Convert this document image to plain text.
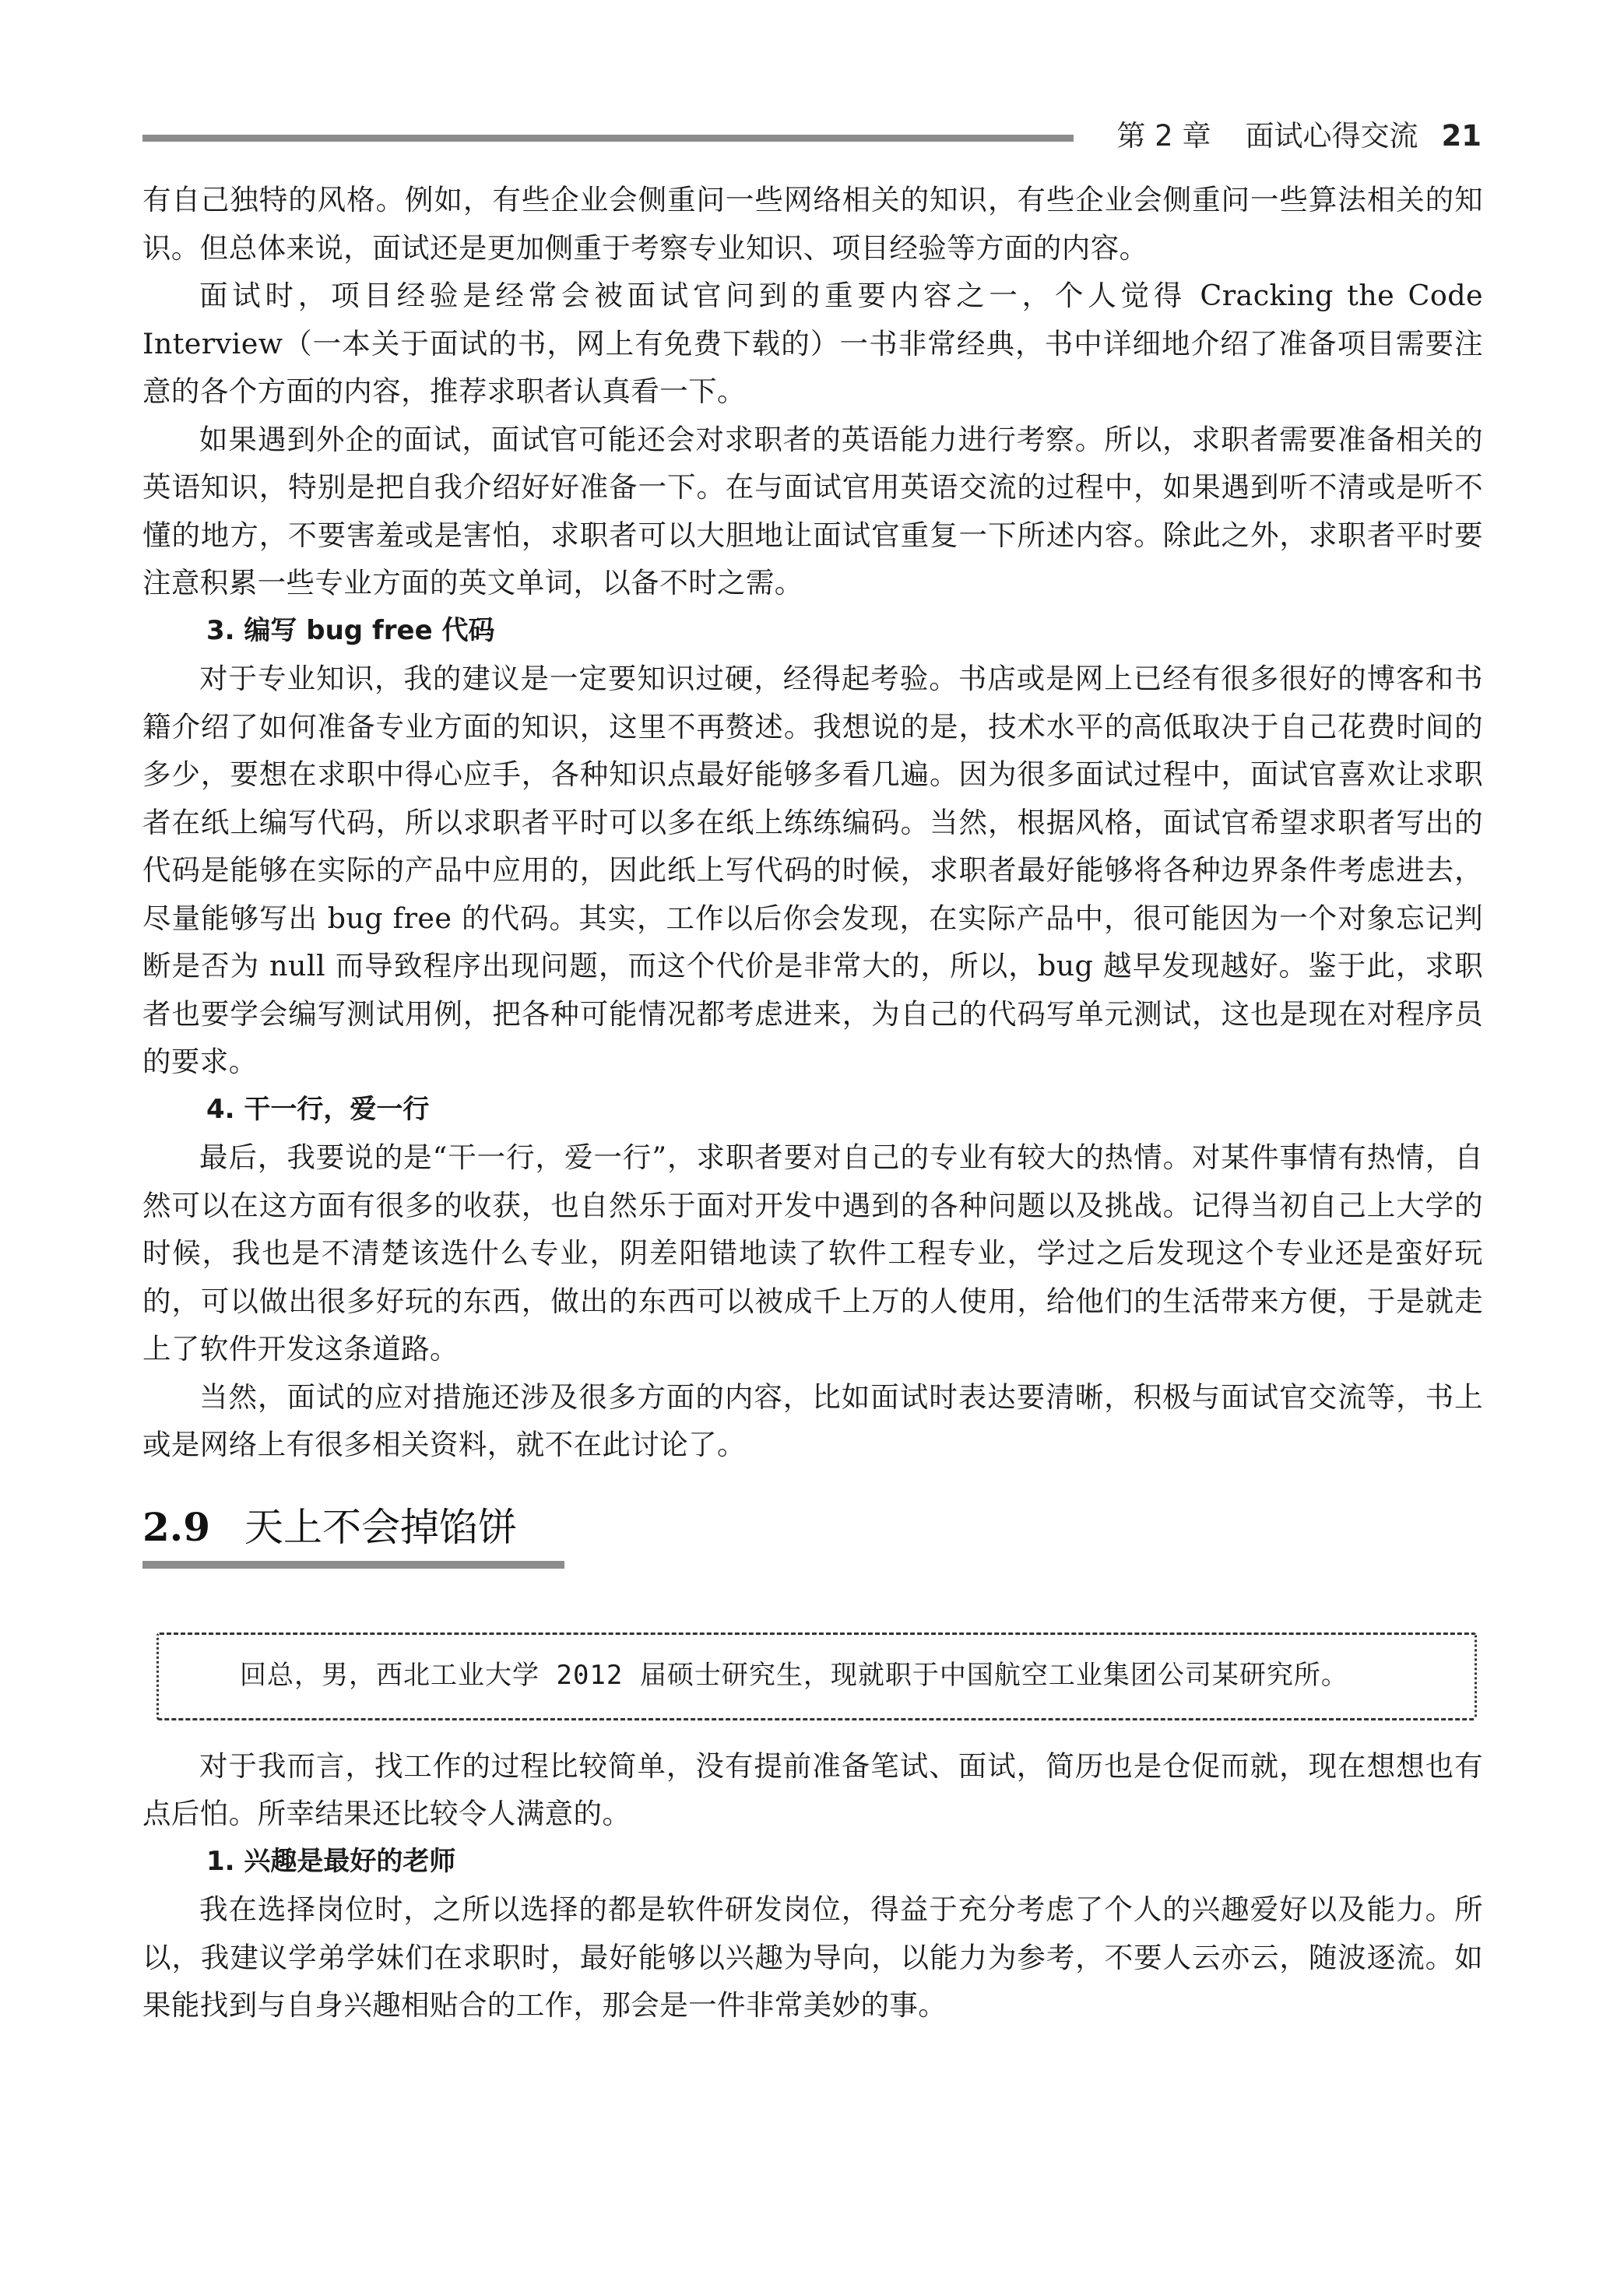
第 2 章 面试心得交流 21

有自己独特的风格。例如，有些企业会侧重问一些网络相关的知识，有些企业会侧重问一些算法相关的知识。但总体来说，面试还是更加侧重于考察专业知识、项目经验等方面的内容。

面试时，项目经验是经常会被面试官问到的重要内容之一，个人觉得 Cracking the Code Interview（一本关于面试的书，网上有免费下载的）一书非常经典，书中详细地介绍了准备项目需要注意的各个方面的内容，推荐求职者认真看一下。

如果遇到外企的面试，面试官可能还会对求职者的英语能力进行考察。所以，求职者需要准备相关的英语知识，特别是把自我介绍好好准备一下。在与面试官用英语交流的过程中，如果遇到听不清或是听不懂的地方，不要害羞或是害怕，求职者可以大胆地让面试官重复一下所述内容。除此之外，求职者平时要注意积累一些专业方面的英文单词，以备不时之需。

3. 编写 bug free 代码

对于专业知识，我的建议是一定要知识过硬，经得起考验。书店或是网上已经有很多很好的博客和书籍介绍了如何准备专业方面的知识，这里不再赘述。我想说的是，技术水平的高低取决于自己花费时间的多少，要想在求职中得心应手，各种知识点最好能够多看几遍。因为很多面试过程中，面试官喜欢让求职者在纸上编写代码，所以求职者平时可以多在纸上练练编码。当然，根据风格，面试官希望求职者写出的代码是能够在实际的产品中应用的，因此纸上写代码的时候，求职者最好能够将各种边界条件考虑进去，尽量能够写出 bug free 的代码。其实，工作以后你会发现，在实际产品中，很可能因为一个对象忘记判断是否为 null 而导致程序出现问题，而这个代价是非常大的，所以，bug 越早发现越好。鉴于此，求职者也要学会编写测试用例，把各种可能情况都考虑进来，为自己的代码写单元测试，这也是现在对程序员的要求。

4. 干一行，爱一行

最后，我要说的是“干一行，爱一行”，求职者要对自己的专业有较大的热情。对某件事情有热情，自然可以在这方面有很多的收获，也自然乐于面对开发中遇到的各种问题以及挑战。记得当初自己上大学的时候，我也是不清楚该选什么专业，阴差阳错地读了软件工程专业，学过之后发现这个专业还是蛮好玩的，可以做出很多好玩的东西，做出的东西可以被成千上万的人使用，给他们的生活带来方便，于是就走上了软件开发这条道路。

当然，面试的应对措施还涉及很多方面的内容，比如面试时表达要清晰，积极与面试官交流等，书上或是网络上有很多相关资料，就不在此讨论了。

2.9 天上不会掉馅饼

回总，男，西北工业大学 2012 届硕士研究生，现就职于中国航空工业集团公司某研究所。

对于我而言，找工作的过程比较简单，没有提前准备笔试、面试，简历也是仓促而就，现在想想也有点后怕。所幸结果还比较令人满意的。

1. 兴趣是最好的老师

我在选择岗位时，之所以选择的都是软件研发岗位，得益于充分考虑了个人的兴趣爱好以及能力。所以，我建议学弟学妹们在求职时，最好能够以兴趣为导向，以能力为参考，不要人云亦云，随波逐流。如果能找到与自身兴趣相贴合的工作，那会是一件非常美妙的事。
